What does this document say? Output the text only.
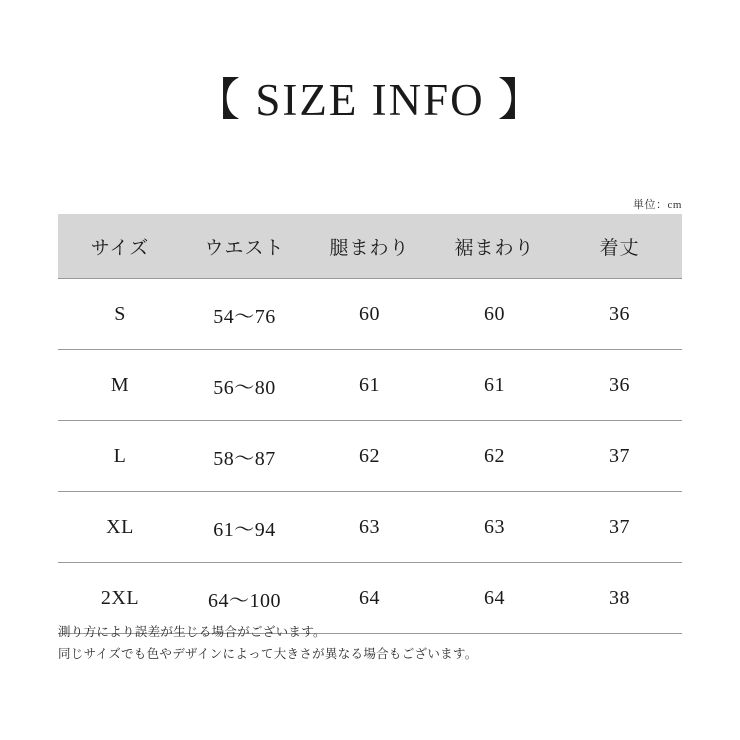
【 SIZE INFO 】
単位：cm
サイズ	ウエスト	腿まわり	裾まわり	着丈
S	54〜76	60	60	36
M	56〜80	61	61	36
L	58〜87	62	62	37
XL	61〜94	63	63	37
2XL	64〜100	64	64	38
測り方により誤差が生じる場合がございます。
同じサイズでも色やデザインによって大きさが異なる場合もございます。
